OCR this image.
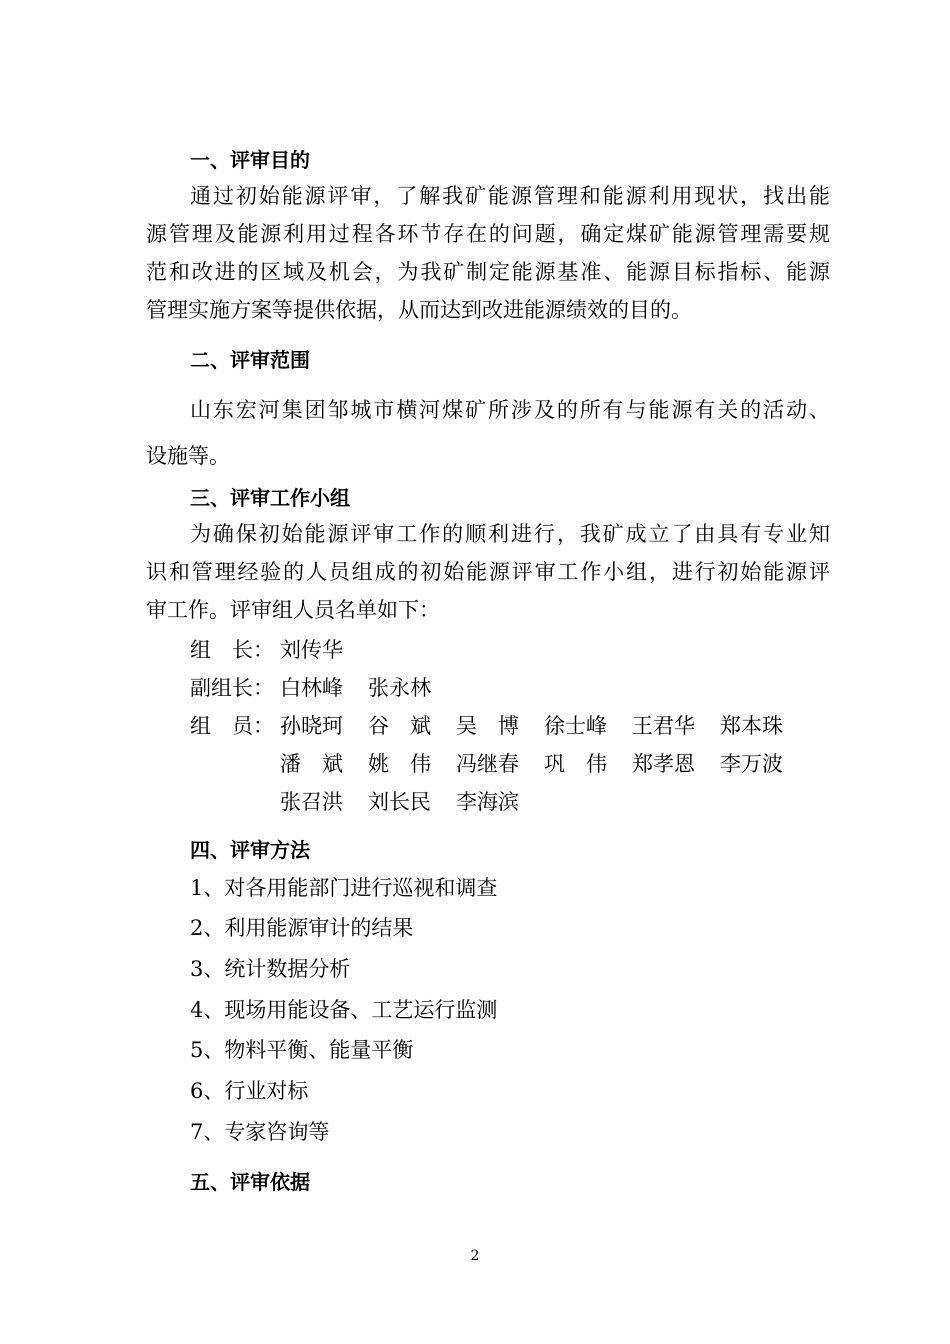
一、评审目的
通过初始能源评审，了解我矿能源管理和能源利用现状，找出能
源管理及能源利用过程各环节存在的问题，确定煤矿能源管理需要规
范和改进的区域及机会，为我矿制定能源基准、能源目标指标、能源
管理实施方案等提供依据，从而达到改进能源绩效的目的。
二、评审范围
山东宏河集团邹城市横河煤矿所涉及的所有与能源有关的活动、
设施等。
三、评审工作小组
为确保初始能源评审工作的顺利进行，我矿成立了由具有专业知
识和管理经验的人员组成的初始能源评审工作小组，进行初始能源评
审工作。评审组人员名单如下：
组　长： 刘传华
副组长： 白林峰 张永林
组　员： 孙晓珂 谷　斌 吴　博 徐士峰 王君华 郑本珠
潘　斌 姚　伟 冯继春 巩　伟 郑孝恩 李万波
张召洪 刘长民 李海滨
四、评审方法
1、对各用能部门进行巡视和调查
2、利用能源审计的结果
3、统计数据分析
4、现场用能设备、工艺运行监测
5、物料平衡、能量平衡
6、行业对标
7、专家咨询等
五、评审依据
2
